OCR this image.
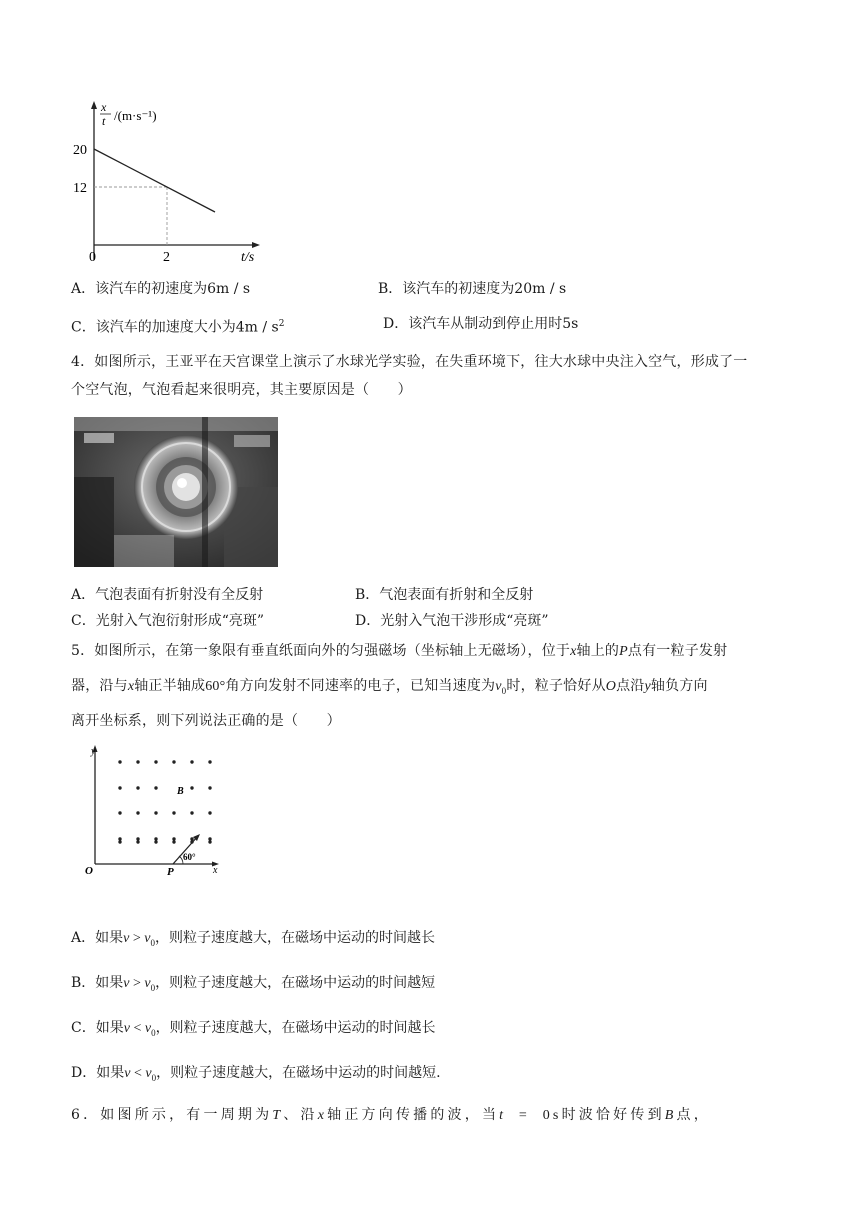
x
t /(m·s⁻¹)
20
12
0	2	t/s
A．该汽车的初速度为6m / s	B．该汽车的初速度为20m / s
C．该汽车的加速度大小为$4m / s^2$	D．该汽车从制动到停止用时5s
4．如图所示，王亚平在天宫课堂上演示了水球光学实验，在失重环境下，往大水球中央注入空气，形成了一
个空气泡，气泡看起来很明亮，其主要原因是（　　）
A．气泡表面有折射没有全反射	B．气泡表面有折射和全反射
C．光射入气泡衍射形成“亮斑”	D．光射入气泡干涉形成“亮斑”
5．如图所示，在第一象限有垂直纸面向外的匀强磁场（坐标轴上无磁场），位于x轴上的P点有一粒子发射
器，沿与x轴正半轴成60°角方向发射不同速率的电子，已知当速度为$v_0$时，粒子恰好从O点沿y轴负方向
离开坐标系，则下列说法正确的是（　　）
y
x
O	P
B
60°
A．如果$v > v_0$，则粒子速度越大，在磁场中运动的时间越长
B．如果$v > v_0$，则粒子速度越大，在磁场中运动的时间越短
C．如果$v < v_0$，则粒子速度越大，在磁场中运动的时间越长
D．如果$v < v_0$，则粒子速度越大，在磁场中运动的时间越短.
6．如图所示，有一周期为T、沿x轴正方向传播的波，当t = 0s时波恰好传到B点，
